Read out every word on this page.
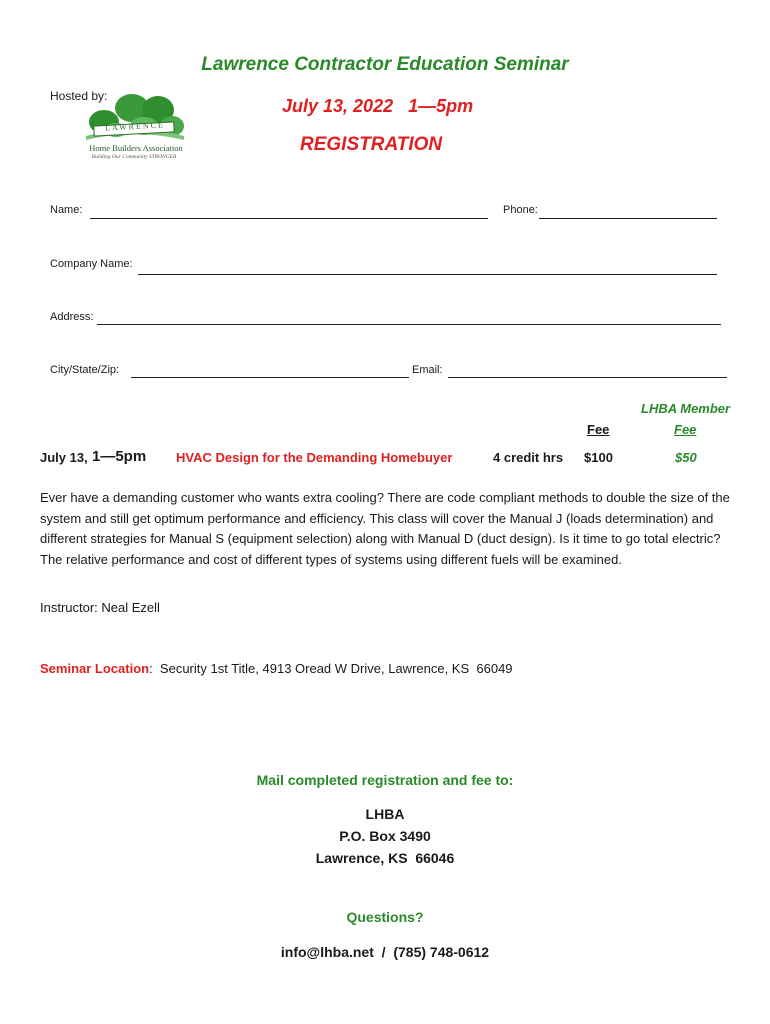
Lawrence Contractor Education Seminar
Hosted by:
LAWRENCE
Home Builders Association
Building Our Community STRONGER
July 13, 2022   1—5pm
REGISTRATION
Name:	Phone:
Company Name:
Address:
City/State/Zip:	Email:
LHBA Member
Fee	Fee
July 13, 1—5pm HVAC Design for the Demanding Homebuyer	4 credit hrs $100	$50
Ever have a demanding customer who wants extra cooling? There are code compliant methods to double the size of the system and still get optimum performance and efficiency. This class will cover the Manual J (loads determination) and different strategies for Manual S (equipment selection) along with Manual D (duct design). Is it time to go total electric? The relative performance and cost of different types of systems using different fuels will be examined.
Instructor: Neal Ezell
Seminar Location:  Security 1st Title, 4913 Oread W Drive, Lawrence, KS  66049
Mail completed registration and fee to:
LHBA
P.O. Box 3490
Lawrence, KS  66046
Questions?
info@lhba.net  /  (785) 748-0612
